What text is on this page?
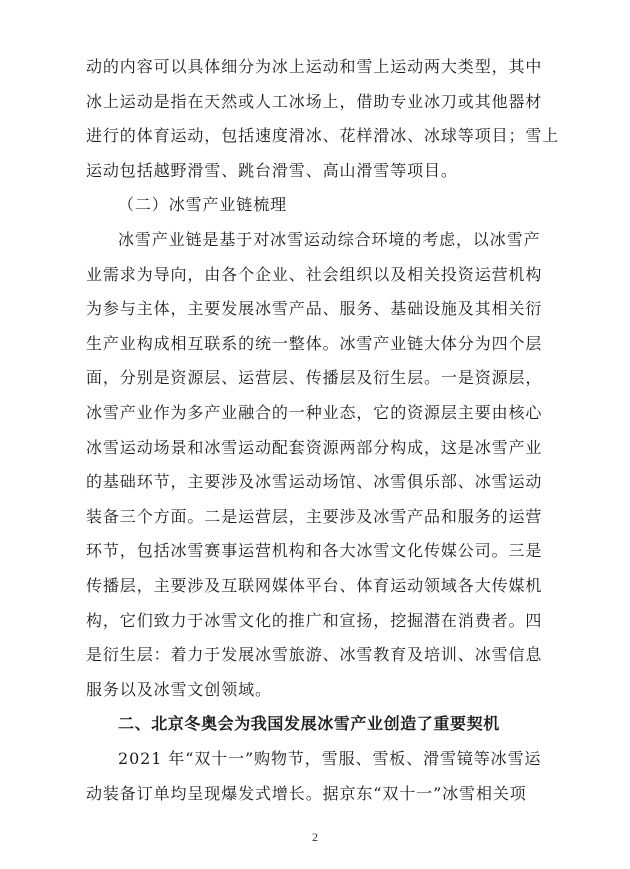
动的内容可以具体细分为冰上运动和雪上运动两大类型，其中
冰上运动是指在天然或人工冰场上，借助专业冰刀或其他器材
进行的体育运动，包括速度滑冰、花样滑冰、冰球等项目；雪上
运动包括越野滑雪、跳台滑雪、高山滑雪等项目。
（二）冰雪产业链梳理
冰雪产业链是基于对冰雪运动综合环境的考虑，以冰雪产
业需求为导向，由各个企业、社会组织以及相关投资运营机构
为参与主体，主要发展冰雪产品、服务、基础设施及其相关衍
生产业构成相互联系的统一整体。冰雪产业链大体分为四个层
面，分别是资源层、运营层、传播层及衍生层。一是资源层，
冰雪产业作为多产业融合的一种业态，它的资源层主要由核心
冰雪运动场景和冰雪运动配套资源两部分构成，这是冰雪产业
的基础环节，主要涉及冰雪运动场馆、冰雪俱乐部、冰雪运动
装备三个方面。二是运营层，主要涉及冰雪产品和服务的运营
环节，包括冰雪赛事运营机构和各大冰雪文化传媒公司。三是
传播层，主要涉及互联网媒体平台、体育运动领域各大传媒机
构，它们致力于冰雪文化的推广和宣扬，挖掘潜在消费者。四
是衍生层：着力于发展冰雪旅游、冰雪教育及培训、冰雪信息
服务以及冰雪文创领域。
二、北京冬奥会为我国发展冰雪产业创造了重要契机
2021 年“双十一”购物节，雪服、雪板、滑雪镜等冰雪运
动装备订单均呈现爆发式增长。据京东“双十一”冰雪相关项
2
